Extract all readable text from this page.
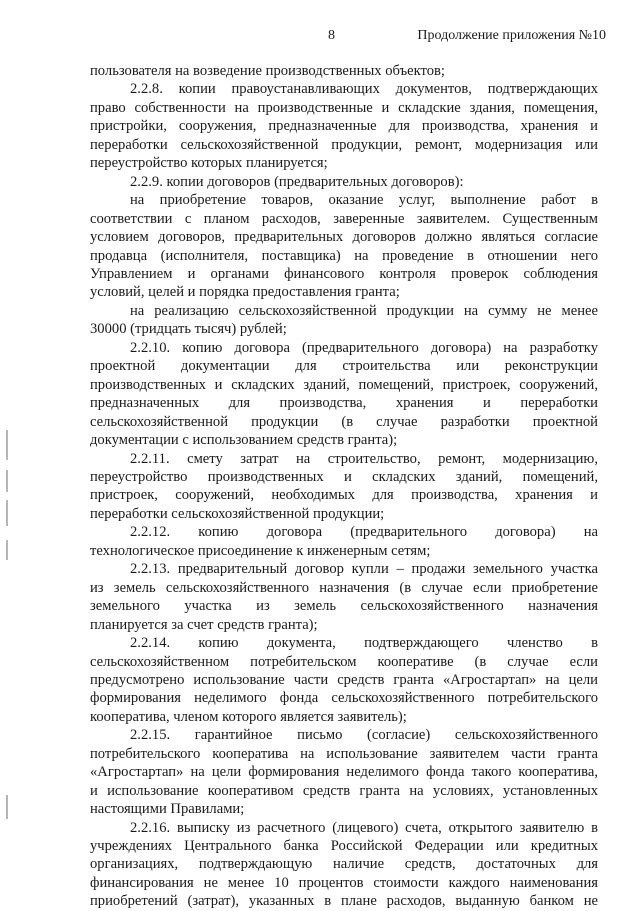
8	Продолжение приложения №10

пользователя на возведение производственных объектов;

2.2.8. копии правоустанавливающих документов, подтверждающих

право собственности на производственные и складские здания, помещения,

пристройки, сооружения, предназначенные для производства, хранения и

переработки сельскохозяйственной продукции, ремонт, модернизация или

переустройство которых планируется;

2.2.9. копии договоров (предварительных договоров):

на приобретение товаров, оказание услуг, выполнение работ в

соответствии с планом расходов, заверенные заявителем. Существенным

условием договоров, предварительных договоров должно являться согласие

продавца (исполнителя, поставщика) на проведение в отношении него

Управлением и органами финансового контроля проверок соблюдения

условий, целей и порядка предоставления гранта;

на реализацию сельскохозяйственной продукции на сумму не менее

30000 (тридцать тысяч) рублей;

2.2.10. копию договора (предварительного договора) на разработку

проектной документации для строительства или реконструкции

производственных и складских зданий, помещений, пристроек, сооружений,

предназначенных для производства, хранения и переработки

сельскохозяйственной продукции (в случае разработки проектной

документации с использованием средств гранта);

2.2.11. смету затрат на строительство, ремонт, модернизацию,

переустройство производственных и складских зданий, помещений,

пристроек, сооружений, необходимых для производства, хранения и

переработки сельскохозяйственной продукции;

2.2.12. копию договора (предварительного договора) на

технологическое присоединение к инженерным сетям;

2.2.13. предварительный договор купли – продажи земельного участка

из земель сельскохозяйственного назначения (в случае если приобретение

земельного участка из земель сельскохозяйственного назначения

планируется за счет средств гранта);

2.2.14. копию документа, подтверждающего членство в

сельскохозяйственном потребительском кооперативе (в случае если

предусмотрено использование части средств гранта «Агростартап» на цели

формирования неделимого фонда сельскохозяйственного потребительского

кооператива, членом которого является заявитель);

2.2.15. гарантийное письмо (согласие) сельскохозяйственного

потребительского кооператива на использование заявителем части гранта

«Агростартап» на цели формирования неделимого фонда такого кооператива,

и использование кооперативом средств гранта на условиях, установленных

настоящими Правилами;

2.2.16. выписку из расчетного (лицевого) счета, открытого заявителю в

учреждениях Центрального банка Российской Федерации или кредитных

организациях, подтверждающую наличие средств, достаточных для

финансирования не менее 10 процентов стоимости каждого наименования

приобретений (затрат), указанных в плане расходов, выданную банком не
